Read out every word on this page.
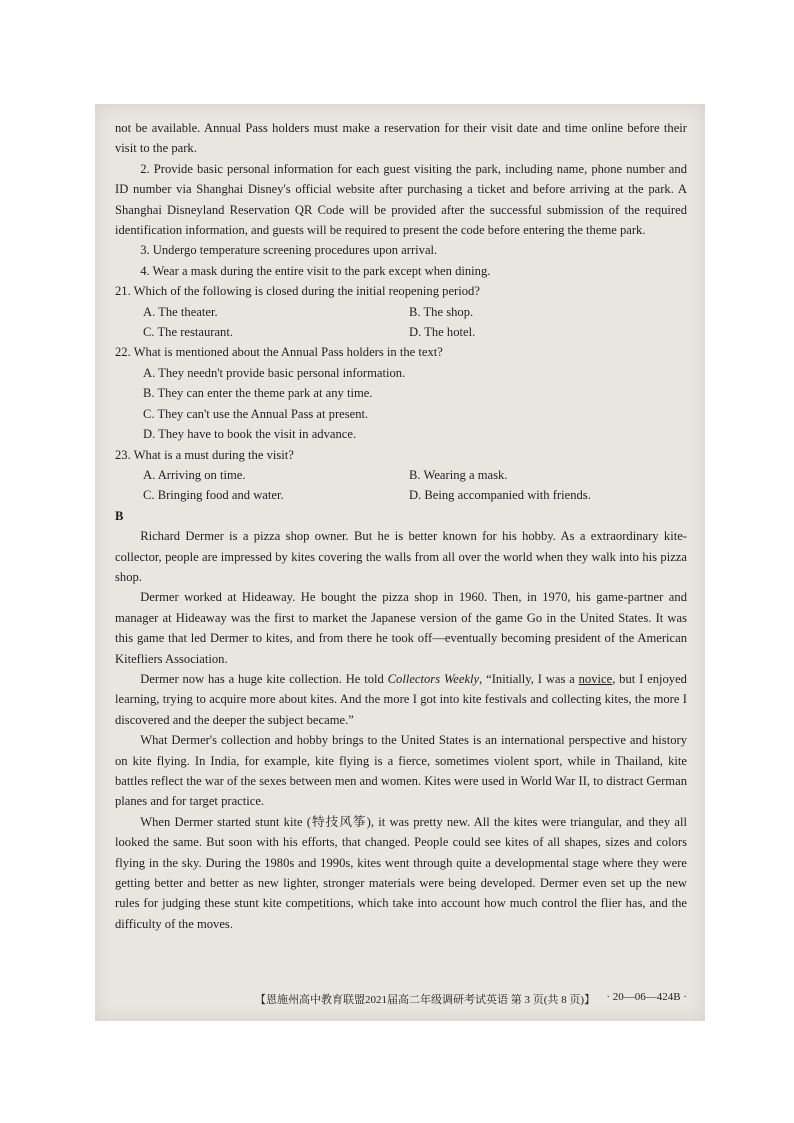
not be available. Annual Pass holders must make a reservation for their visit date and time online before their visit to the park.

2. Provide basic personal information for each guest visiting the park, including name, phone number and ID number via Shanghai Disney's official website after purchasing a ticket and before arriving at the park. A Shanghai Disneyland Reservation QR Code will be provided after the successful submission of the required identification information, and guests will be required to present the code before entering the theme park.

3. Undergo temperature screening procedures upon arrival.

4. Wear a mask during the entire visit to the park except when dining.

21. Which of the following is closed during the initial reopening period?

A. The theater.	B. The shop.
C. The restaurant.	D. The hotel.

22. What is mentioned about the Annual Pass holders in the text?

A. They needn't provide basic personal information.
B. They can enter the theme park at any time.
C. They can't use the Annual Pass at present.
D. They have to book the visit in advance.

23. What is a must during the visit?

A. Arriving on time.	B. Wearing a mask.
C. Bringing food and water.	D. Being accompanied with friends.

B

Richard Dermer is a pizza shop owner. But he is better known for his hobby. As a extraordinary kite-collector, people are impressed by kites covering the walls from all over the world when they walk into his pizza shop.

Dermer worked at Hideaway. He bought the pizza shop in 1960. Then, in 1970, his game-partner and manager at Hideaway was the first to market the Japanese version of the game Go in the United States. It was this game that led Dermer to kites, and from there he took off—eventually becoming president of the American Kitefliers Association.

Dermer now has a huge kite collection. He told Collectors Weekly, “Initially, I was a novice, but I enjoyed learning, trying to acquire more about kites. And the more I got into kite festivals and collecting kites, the more I discovered and the deeper the subject became.”

What Dermer's collection and hobby brings to the United States is an international perspective and history on kite flying. In India, for example, kite flying is a fierce, sometimes violent sport, while in Thailand, kite battles reflect the war of the sexes between men and women. Kites were used in World War II, to distract German planes and for target practice.

When Dermer started stunt kite (特技风筝), it was pretty new. All the kites were triangular, and they all looked the same. But soon with his efforts, that changed. People could see kites of all shapes, sizes and colors flying in the sky. During the 1980s and 1990s, kites went through quite a developmental stage where they were getting better and better as new lighter, stronger materials were being developed. Dermer even set up the new rules for judging these stunt kite competitions, which take into account how much control the flier has, and the difficulty of the moves.

【恩施州高中教育联盟2021届高二年级调研考试英语 第 3 页(共 8 页)】 · 20—06—424B ·
